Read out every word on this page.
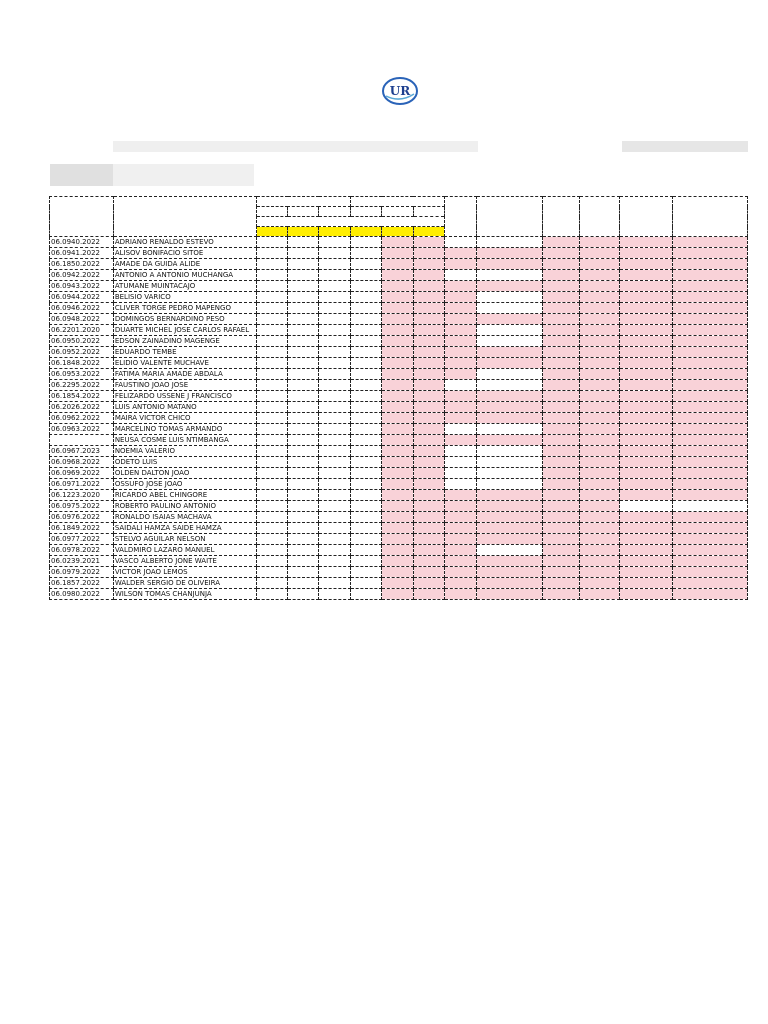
UR

06.0940.2022	ADRIANO RENALDO ESTEVO												
06.0941.2022	ALISOV BONIFACIO SITOE												
06.1850.2022	AMADE DA GUIDA ALIDE												
06.0942.2022	ANTONIO A ANTONIO MUCHANGA												
06.0943.2022	ATUMANE MUINTACAJO												
06.0944.2022	BELISIO VARICO												
06.0946.2022	CLIVER TORGE PEDRO MAPENGO												
06.0948.2022	DOMINGOS BERNARDINO PESO												
06.2201.2020	DUARTE MICHEL JOSE CARLOS RAFAEL												
06.0950.2022	EDSON ZAINADINO MAGENGE												
06.0952.2022	EDUARDO TEMBE												
06.1848.2022	ELIDIO VALENTE MUCHAVE												
06.0953.2022	FATIMA MARIA AMADE ABDALA												
06.2295.2022	FAUSTINO JOAO JOSE												
06.1854.2022	FELIZARDO USSENE J FRANCISCO												
06.2026.2022	LUIS ANTONIO MATANO												
06.0962.2022	MAIRA VICTOR CHICO												
06.0963.2022	MARCELINO TOMAS ARMANDO												
	NEUSA COSME LUIS NTIMBANGA												
06.0967.2023	NOEMIA VALERIO												
06.0968.2022	ODETO LUIS												
06.0969.2022	OLDEN DALTON JOAO												
06.0971.2022	OSSUFO JOSE JOAO												
06.1223.2020	RICARDO ABEL CHINGORE												
06.0975.2022	ROBERTO PAULINO ANTONIO												
06.0976.2022	RONALDO ISAIAS MACHAVA												
06.1849.2022	SAIDALI HAMZA SAIDE HAMZA												
06.0977.2022	STELVO AGUILAR NELSON												
06.0978.2022	VALDMIRO LAZARO MANUEL												
06.0239.2021	VASCO ALBERTO JONE WAITE												
06.0979.2022	VICTOR JOAO LEMOS												
06.1857.2022	WALDER SERGIO DE OLIVEIRA												
06.0980.2022	WILSON TOMAS CHANJUNJA												
